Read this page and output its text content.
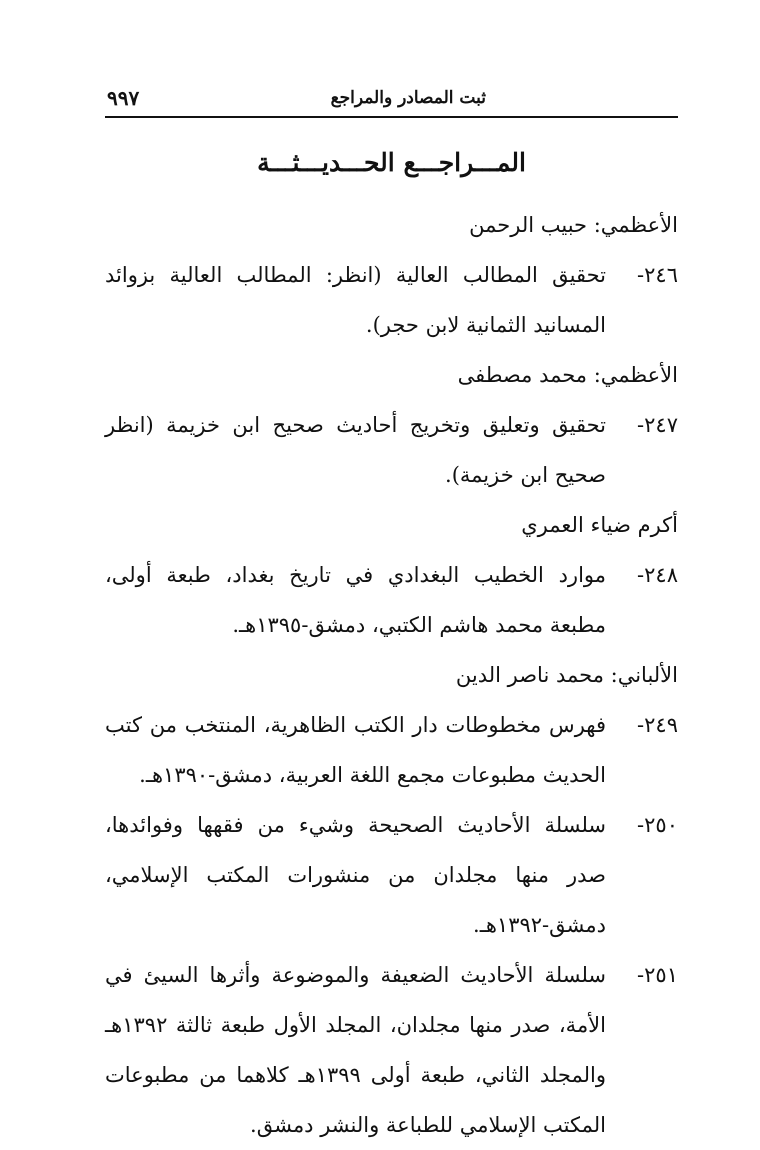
ثبت المصادر والمراجع
٩٩٧
المـــراجـــع الحـــديـــثـــة
الأعظمي: حبيب الرحمن
٢٤٦-
تحقيق المطالب العالية (انظر: المطالب العالية بزوائد المسانيد الثمانية لابن حجر).
الأعظمي: محمد مصطفى
٢٤٧-
تحقيق وتعليق وتخريج أحاديث صحيح ابن خزيمة (انظر صحيح ابن خزيمة).
أكرم ضياء العمري
٢٤٨-
موارد الخطيب البغدادي في تاريخ بغداد، طبعة أولى، مطبعة محمد هاشم الكتبي، دمشق-١٣٩٥هـ.
الألباني: محمد ناصر الدين
٢٤٩-
فهرس مخطوطات دار الكتب الظاهرية، المنتخب من كتب الحديث مطبوعات مجمع اللغة العربية، دمشق-١٣٩٠هـ.
٢٥٠-
سلسلة الأحاديث الصحيحة وشيء من فقهها وفوائدها، صدر منها مجلدان من منشورات المكتب الإسلامي، دمشق-١٣٩٢هـ.
٢٥١-
سلسلة الأحاديث الضعيفة والموضوعة وأثرها السيئ في الأمة، صدر منها مجلدان، المجلد الأول طبعة ثالثة ١٣٩٢هـ والمجلد الثاني، طبعة أولى ١٣٩٩هـ كلاهما من مطبوعات المكتب الإسلامي للطباعة والنشر دمشق.
